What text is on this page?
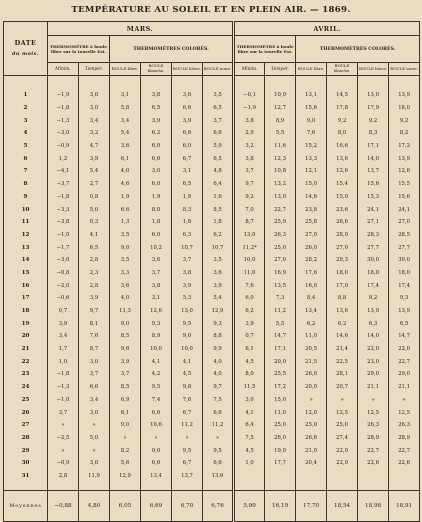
TEMPÉRATURE AU SOLEIL ET EN PLEIN AIR. — 1869.
DATE
du mois.	MARS.						AVRIL.					
	THERMOMÈTRE à boule libre sur la tourelle Est.		THERMOMÈTRES COLORÉS.				THERMOMÈTRE à boule libre sur la tourelle Est.		THERMOMÈTRES COLORÉS.			
	Minim.	Tempér.	BOULE libre.	BOULE blanche.	BOULE bleue.	BOULE noire.	Minim.	Tempér.	BOULE libre.	BOULE blanche.	BOULE bleue.	BOULE noire.

1	−1,9	3,0	3,1	3,8	3,6	3,5	−0,1	10,0	13,1	14,5	13,0	13,9
2	−1,8	3,0	5,8	6,5	6,6	6,5	−1,9	12,7	15,6	17,8	17,9	18,0
3	−1,3	3,4	3,4	3,9	3,9	3,7	3,8	8,9	9,0	9,2	9,2	9,2
4	−3,0	3,2	5,4	6,2	6,6	6,6	2,9	5,5	7,6	8,0	8,3	8,2
5	−0,9	4,7	3,6	6,0	6,0	5,9	3,2	11,6	15,2	16,6	17,1	17,2
6	1,2	3,9	6,1	6,6	6,7	6,5	3,8	12,3	13,3	13,6	14,0	13,9
7	−4,1	5,4	4,0	3,0	3,1	4,8	3,7	10,8	12,1	12,6	13,7	12,6
8	−3,7	2,7	4,6	6,0	6,5	6,4	9,7	13,2	15,0	15,4	15,6	15,5
9	−1,8	0,8	1,9	1,9	1,9	1,6	9,2	13,0	14,6	15,0	15,3	15,6
10	−3,3	5,0	6,6	8,0	8,3	8,5	7,0	22,7	23,8	23,6	24,1	24,1
11	−3,8	0,3	1,3	1,8	1,8	1,8	8,7	25,9	25,8	26,6	27,1	27,0
12	−1,0	4,1	3,5	6,0	6,3	6,2	13,0	26,3	27,0	28,0	28,3	28,5
13	−1,7	6,5	9,0	10,2	10,7	10,7	11,2*	25,0	26,0	27,0	27,7	27,7
14	−3,0	2,8	3,5	3,6	3,7	3,5	10,0	27,0	28,2	29,3	30,0	30,0
15	−0,8	2,3	3,3	3,7	3,8	3,6	11,0	16,9	17,6	18,0	18,0	18,0
16	−2,0	2,8	3,6	3,8	3,9	3,9	7,6	13,5	16,0	17,0	17,4	17,4
17	−0,6	3,9	4,0	3,1	5,3	5,4	6,0	7,3	8,4	8,8	9,2	9,3
18	0,7	9,7	11,3	12,6	13,0	12,9	6,2	11,2	13,4	13,6	13,9	13,9
19	3,9	8,1	9,0	9,3	9,5	9,3	3,9	5,5	6,2	6,2	6,3	6,5
20	3,4	7,6	8,5	8,9	9,0	8,8	0,7	14,7	11,0	14,6	14,0	14,7
21	1,7	8,7	9,6	10,0	10,0	9,9	6,1	17,1	20,5	21,4	22,0	22,0
22	1,0	3,0	3,9	4,1	4,1	4,0	4,5	20,0	21,5	22,5	23,0	22,7
23	−1,8	3,7	3,7	4,2	4,5	4,0	8,0	25,5	26,0	28,1	29,0	29,0
24	−1,3	6,6	8,5	9,5	9,8	9,7	11,5	17,2	20,0	20,7	21,1	21,1
25	−1,0	3,4	6,9	7,4	7,6	7,5	3,0	15,0	»	»	»	»
26	3,7	3,0	6,1	6,6	6,7	6,6	4,1	11,0	12,0	12,5	12,5	12,5
27	»	»	9,0	10,6	11,2	11,2	6,4	25,0	25,0	25,0	26,3	26,3
28	−2,5	5,0	»	»	»	»	7,5	26,0	26,6	27,4	28,9	28,9
29	»	»	8,2	9,0	9,5	9,5	4,5	19,0	21,0	22,0	22,7	22,7
30	−0,9	3,0	5,6	6,6	6,7	6,6	1,0	17,7	20,4	22,0	22,6	22,6
31	2,8	11,9	12,9	13,4	13,7	13,6						

Moyennes	−0,88	4,80	6,05	6,69	6,70	6,76	5,90	16,19	17,70	18,54	18,98	18,91
